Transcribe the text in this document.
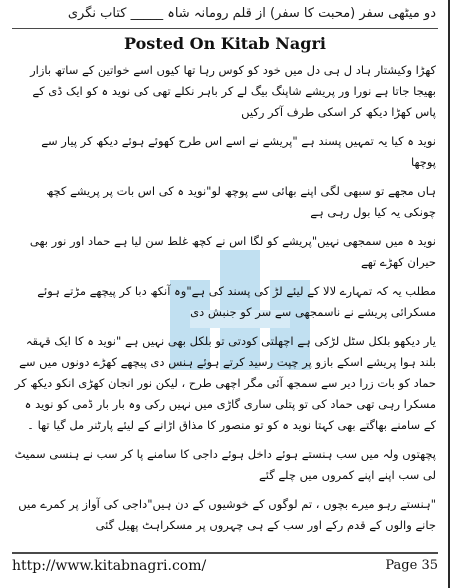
دو میٹھی سفر (محبت کا سفر) از قلم رومانہ شاہ _____ کتاب نگری
Posted On Kitab Nagri

کھڑا وکیشتار ہاد ل ہی دل میں خود کو کوس رہا تھا کیوں اسے خواتین کے ساتھ بازار بھیجا جاتا ہے نورا ور پریشے شاپنگ بیگ لے کر باہر نکلے تھی کی نوید ہ کو ایک ڈی کے پاس کھڑا دیکھ کر اسکی طرف آکر رکیں

نوید ہ کیا یہ تمہیں پسند ہے "پریشے نے اسے اس طرح کھوئے ہوئے دیکھ کر پیار سے پوچھا

ہاں مجھے تو سبھی لگی اپنے بھائی سے پوچھ لو"نوید ہ کی اس بات پر پریشے کچھ چونکی یہ کیا بول رہی ہے

نوید ہ میں سمجھی نہیں"پریشے کو لگا اس نے کچھ غلط سن لیا ہے حماد اور نور بھی حیران کھڑے تھے

مطلب یہ کہ تمہارے لالا کے لیئے لڑ کی پسند کی ہے"وہ آنکھ دبا کر پیچھے مڑتے ہوئے مسکرائی پریشے نے ناسمجھی سے سر کو جنبش دی

یار دیکھو بلکل سٹل لڑکی ہے اچھلتی کودتی تو بلکل بھی نہیں ہے "نوید ہ کا ایک قہقہ بلند ہوا پریشے اسکے بازو پر چپت رسید کرتے ہوئے ہنس دی پیچھے کھڑے دونوں میں سے حماد کو بات زرا دیر سے سمجھ آئی مگر اچھی طرح ، لیکن نور انجان کھڑی انکو دیکھ کر مسکرا رہی تھی حماد کی تو پتلی ساری گاڑی میں نہیں رکی وہ بار بار ڈمی کو نوید ہ کے سامنے بھاگتے بھی کہتا نوید ہ کو تو منصور کا مذاق اڑانے کے لیئے پارٹنر مل گیا تھا ۔

پچھتوں ولہ میں سب ہنستے ہوئے داخل ہوئے داجی کا سامنے پا کر سب نے ہنسی سمیٹ لی سب اپنے اپنے کمروں میں چلے گئے

"ہنستے رہو میرے بچوں ، تم لوگوں کے خوشیوں کے دن ہیں"داجی کی آواز پر کمرے میں جانے والوں کے قدم رکے اور سب کے ہی چہروں پر مسکراہٹ پھیل گئی

http://www.kitabnagri.com/	Page 35
